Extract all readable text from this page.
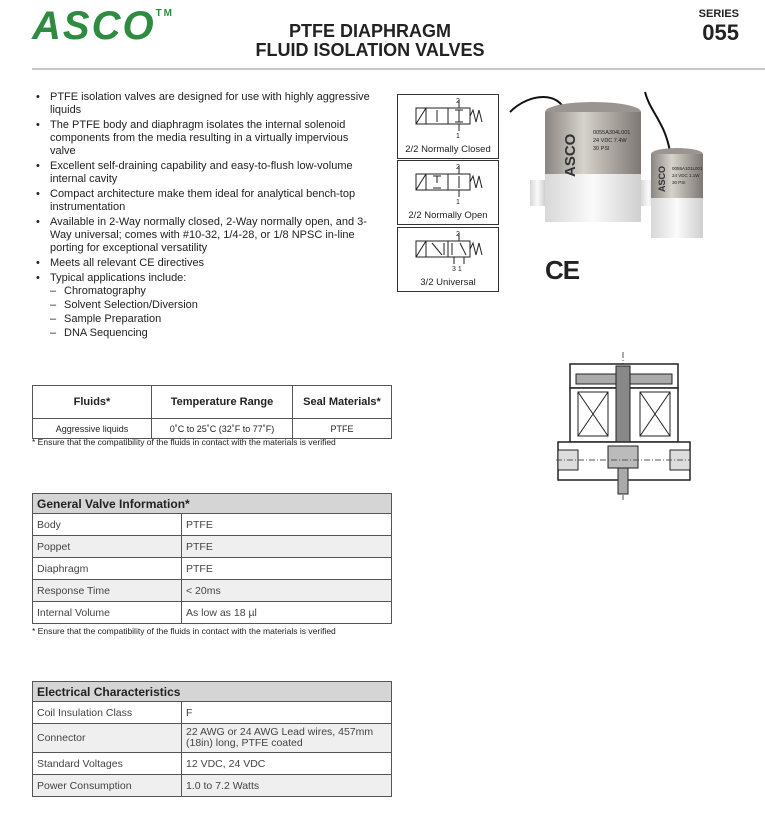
ASCO™
PTFE DIAPHRAGM
FLUID ISOLATION VALVES
SERIES
055
• PTFE isolation valves are designed for use with highly aggressive liquids
• The PTFE body and diaphragm isolates the internal solenoid components from the media resulting in a virtually impervious valve
• Excellent self-draining capability and easy-to-flush low-volume internal cavity
• Compact architecture make them ideal for analytical bench-top instrumentation
• Available in 2-Way normally closed, 2-Way normally open, and 3-Way universal; comes with #10-32, 1/4-28, or 1/8 NPSC in-line porting for exceptional versatility
• Meets all relevant CE directives
• Typical applications include:
– Chromatography
– Solvent Selection/Diversion
– Sample Preparation
– DNA Sequencing
2
1
2/2 Normally Closed
2
1
2/2 Normally Open
2
3 1
3/2 Universal
ASCO
0055A304L001
24 VDC 7.4W
30 PSI
ASCO 0055A101L001
24 VDC 1.1W
30 PSI
CE
Fluids*	Temperature Range	Seal Materials*
Aggressive liquids	0˚C to 25˚C (32˚F to 77˚F)	PTFE
* Ensure that the compatibility of the fluids in contact with the materials is verified
General Valve Information*	
Body	PTFE
Poppet	PTFE
Diaphragm	PTFE
Response Time	< 20ms
Internal Volume	As low as 18 µl
* Ensure that the compatibility of the fluids in contact with the materials is verified
Electrical Characteristics	
Coil Insulation Class	F
Connector	22 AWG or 24 AWG Lead wires, 457mm (18in) long, PTFE coated
Standard Voltages	12 VDC, 24 VDC
Power Consumption	1.0 to 7.2 Watts
